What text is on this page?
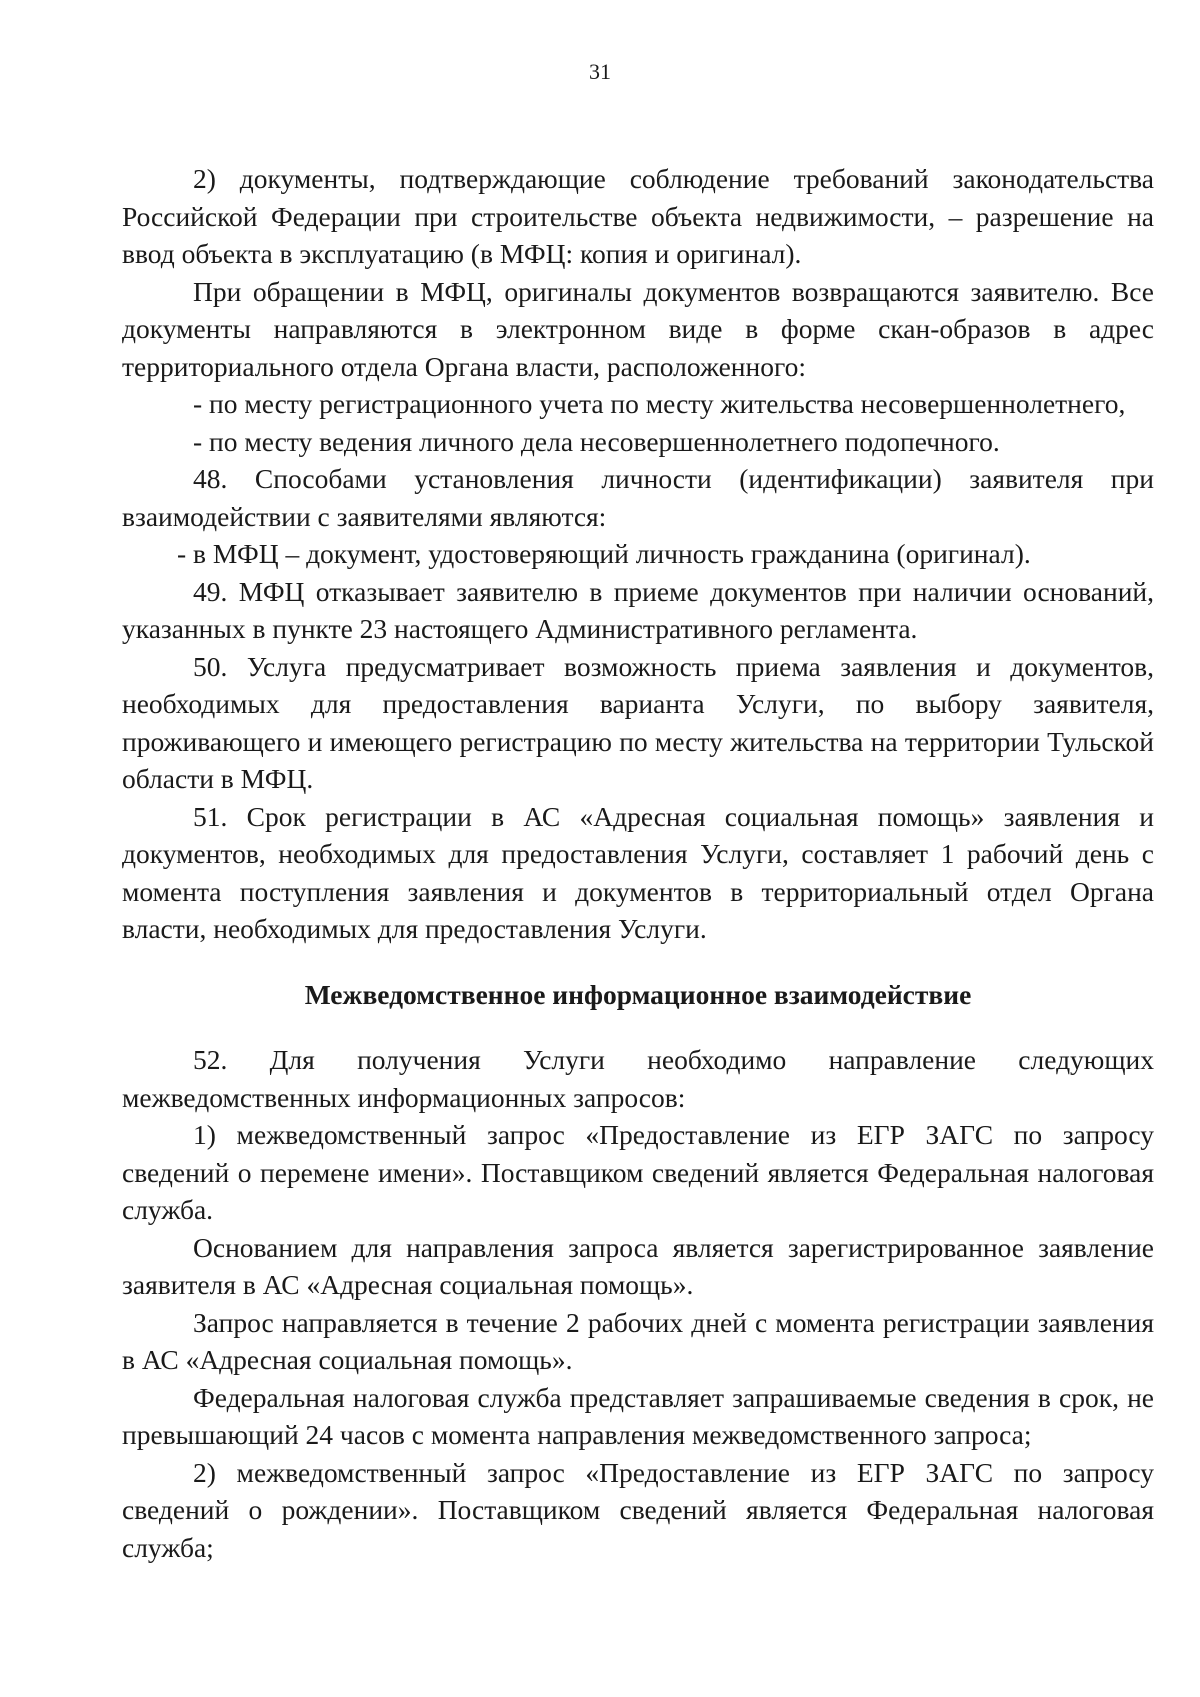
31

2) документы, подтверждающие соблюдение требований законодательства Российской Федерации при строительстве объекта недвижимости, – разрешение на ввод объекта в эксплуатацию (в МФЦ: копия и оригинал).

При обращении в МФЦ, оригиналы документов возвращаются заявителю. Все документы направляются в электронном виде в форме скан-образов в адрес территориального отдела Органа власти, расположенного:

- по месту регистрационного учета по месту жительства несовершеннолетнего,

- по месту ведения личного дела несовершеннолетнего подопечного.

48. Способами установления личности (идентификации) заявителя при взаимодействии с заявителями являются:

- в МФЦ – документ, удостоверяющий личность гражданина (оригинал).

49. МФЦ отказывает заявителю в приеме документов при наличии оснований, указанных в пункте 23 настоящего Административного регламента.

50. Услуга предусматривает возможность приема заявления и документов, необходимых для предоставления варианта Услуги, по выбору заявителя, проживающего и имеющего регистрацию по месту жительства на территории Тульской области в МФЦ.

51. Срок регистрации в АС «Адресная социальная помощь» заявления и документов, необходимых для предоставления Услуги, составляет 1 рабочий день с момента поступления заявления и документов в территориальный отдел Органа власти, необходимых для предоставления Услуги.

Межведомственное информационное взаимодействие

52. Для получения Услуги необходимо направление следующих межведомственных информационных запросов:

1) межведомственный запрос «Предоставление из ЕГР ЗАГС по запросу сведений о перемене имени». Поставщиком сведений является Федеральная налоговая служба.

Основанием для направления запроса является зарегистрированное заявление заявителя в АС «Адресная социальная помощь».

Запрос направляется в течение 2 рабочих дней с момента регистрации заявления в АС «Адресная социальная помощь».

Федеральная налоговая служба представляет запрашиваемые сведения в срок, не превышающий 24 часов с момента направления межведомственного запроса;

2) межведомственный запрос «Предоставление из ЕГР ЗАГС по запросу сведений о рождении». Поставщиком сведений является Федеральная налоговая служба;
